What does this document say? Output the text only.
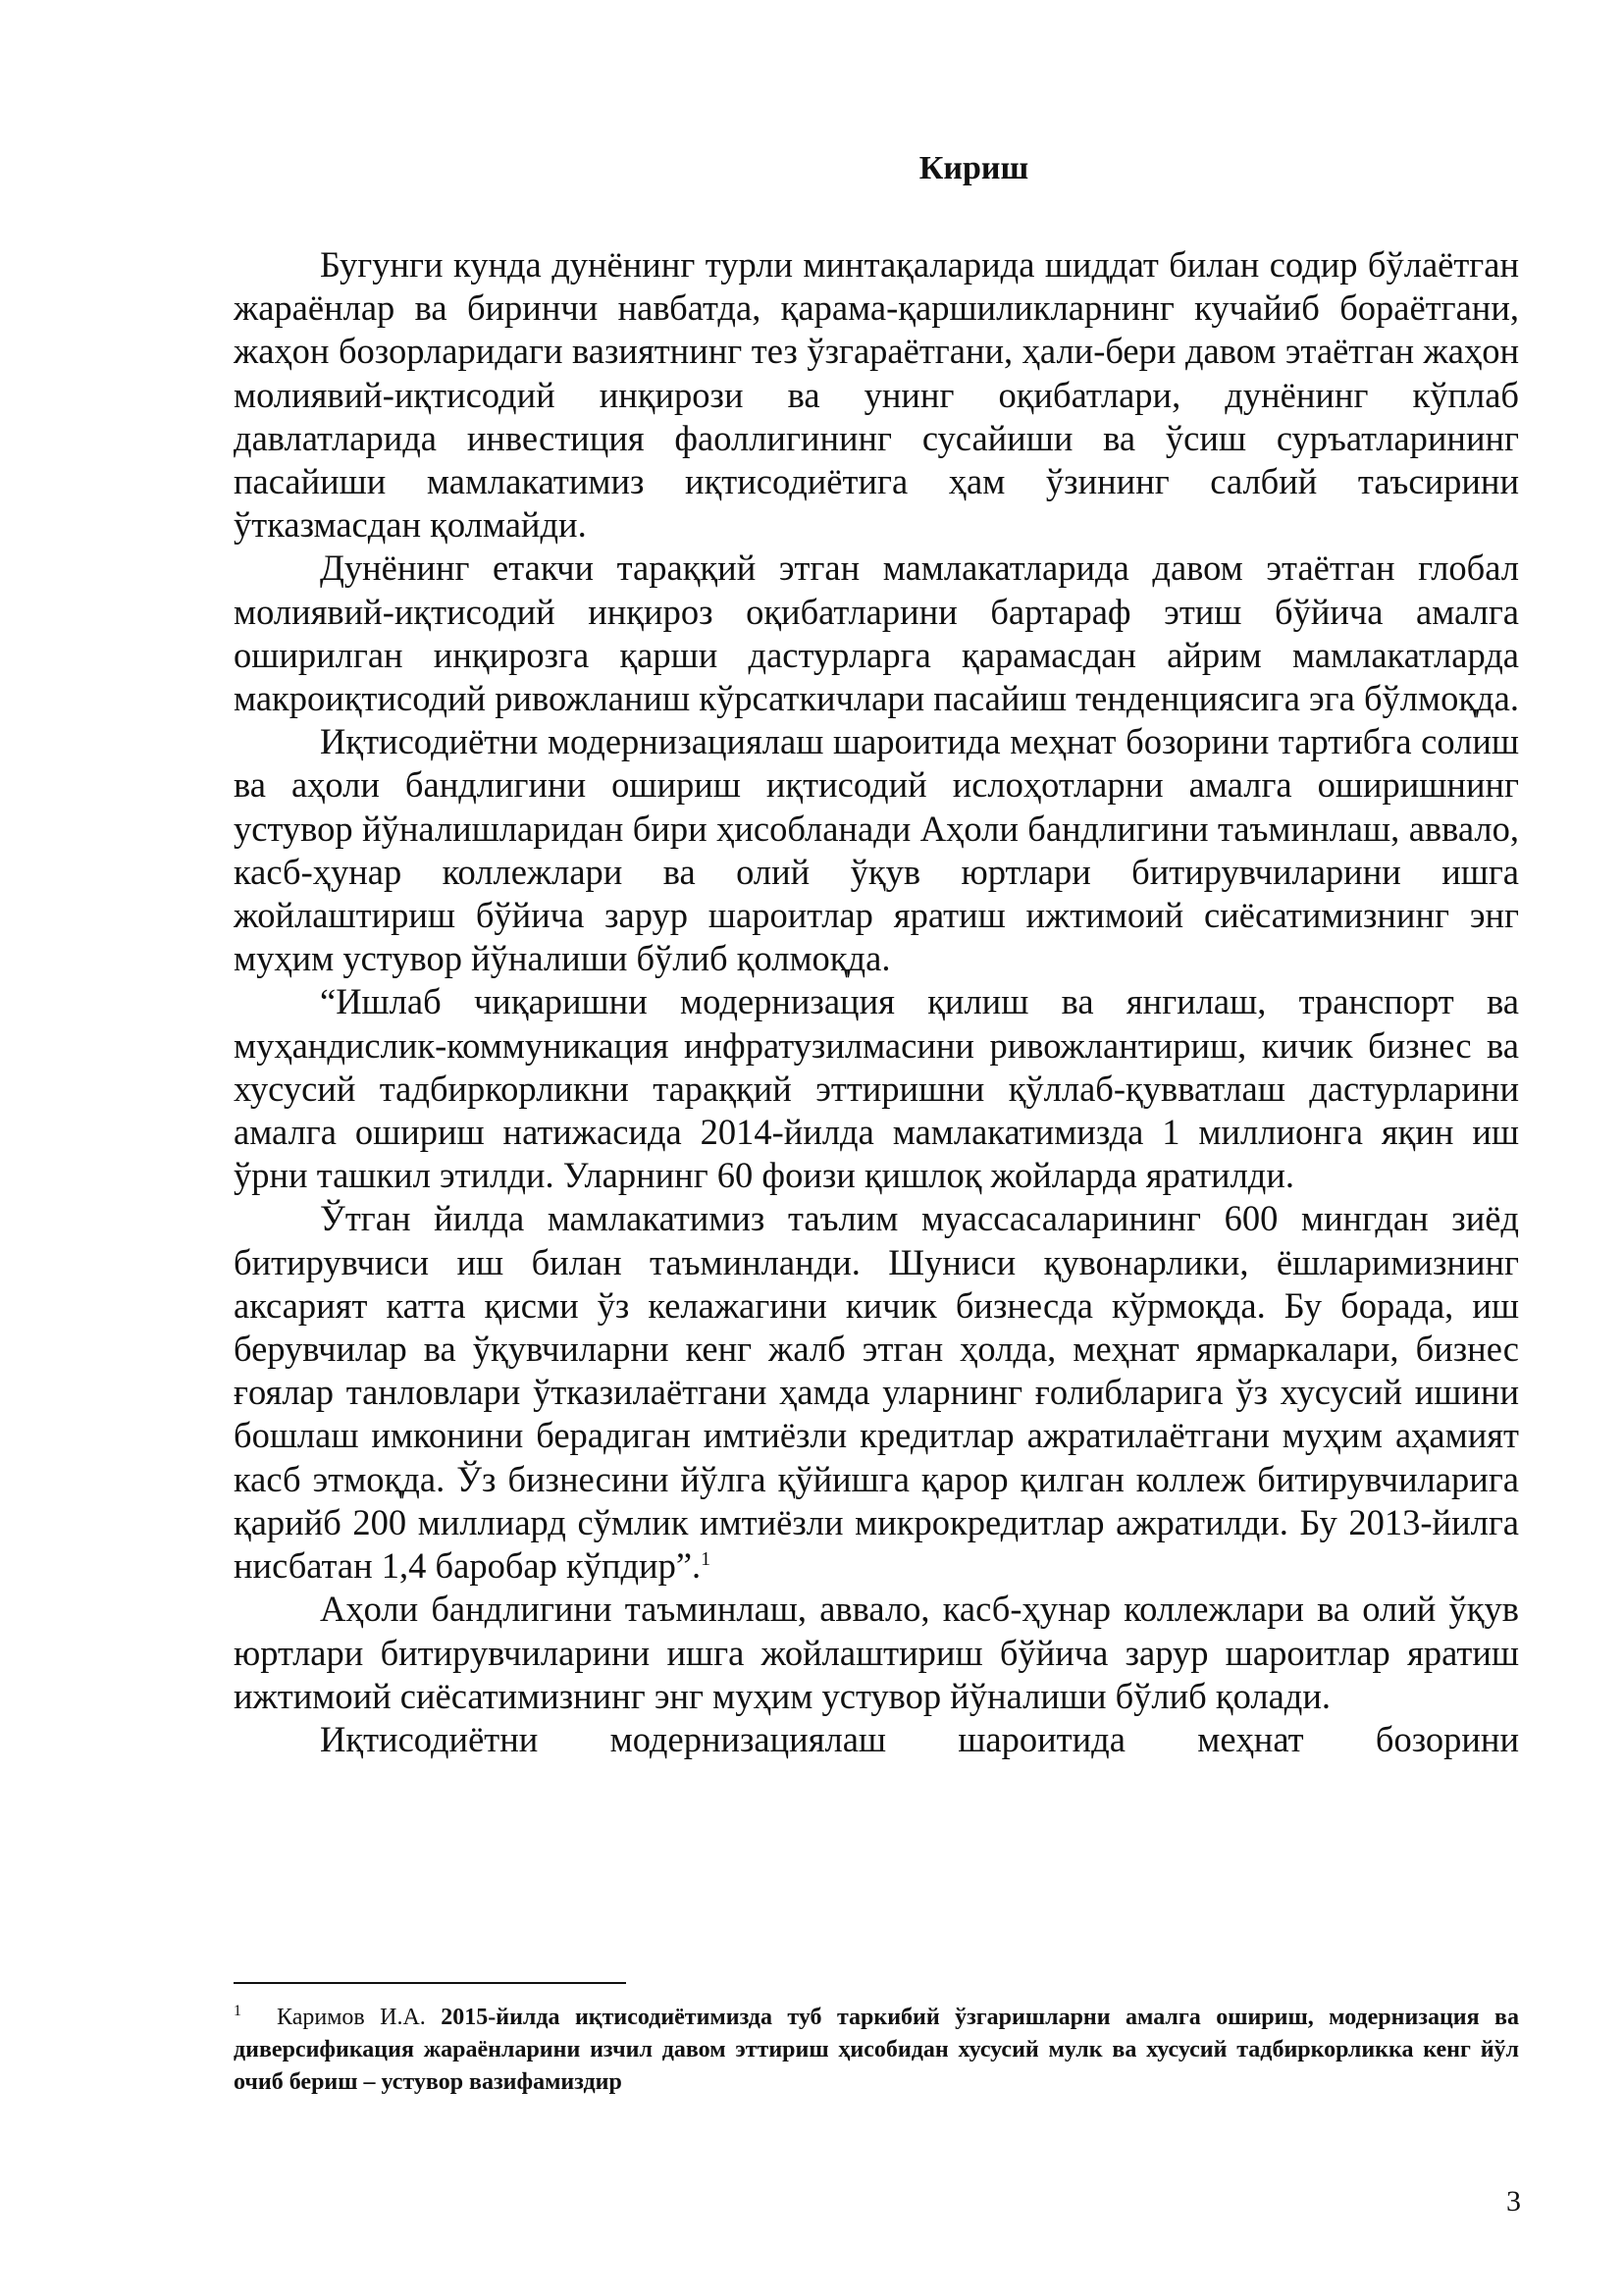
Кириш

Бугунги кунда дунёнинг турли минтақаларида шиддат билан содир бўлаётган жараёнлар ва биринчи навбатда, қарама-қаршиликларнинг кучайиб бораётгани, жаҳон бозорларидаги вазиятнинг тез ўзгараётгани, ҳали-бери давом этаётган жаҳон молиявий-иқтисодий инқирози ва унинг оқибатлари, дунёнинг кўплаб давлатларида инвестиция фаоллигининг сусайиши ва ўсиш суръатларининг пасайиши мамлакатимиз иқтисодиётига ҳам ўзининг салбий таъсирини ўтказмасдан қолмайди.

Дунёнинг етакчи тараққий этган мамлакатларида давом этаётган глобал молиявий-иқтисодий инқироз оқибатларини бартараф этиш бўйича амалга оширилган инқирозга қарши дастурларга қарамасдан айрим мамлакатларда макроиқтисодий ривожланиш кўрсаткичлари пасайиш тенденциясига эга бўлмоқда.

Иқтисодиётни модернизациялаш шароитида меҳнат бозорини тартибга солиш ва аҳоли бандлигини ошириш иқтисодий ислоҳотларни амалга оширишнинг устувор йўналишларидан бири ҳисобланади Аҳоли бандлигини таъминлаш, аввало, касб-ҳунар коллежлари ва олий ўқув юртлари битирувчиларини ишга жойлаштириш бўйича зарур шароитлар яратиш ижтимоий сиёсатимизнинг энг муҳим устувор йўналиши бўлиб қолмоқда.

“Ишлаб чиқаришни модернизация қилиш ва янгилаш, транспорт ва муҳандислик-коммуникация инфратузилмасини ривожлантириш, кичик бизнес ва хусусий тадбиркорликни тараққий эттиришни қўллаб-қувватлаш дастурларини амалга ошириш натижасида 2014-йилда мамлакатимизда 1 миллионга яқин иш ўрни ташкил этилди. Уларнинг 60 фоизи қишлоқ жойларда яратилди.

Ўтган йилда мамлакатимиз таълим муассасаларининг 600 мингдан зиёд битирувчиси иш билан таъминланди. Шуниси қувонарлики, ёшларимизнинг аксарият катта қисми ўз келажагини кичик бизнесда кўрмоқда. Бу борада, иш берувчилар ва ўқувчиларни кенг жалб этган ҳолда, меҳнат ярмаркалари, бизнес ғоялар танловлари ўтказилаётгани ҳамда уларнинг ғолибларига ўз хусусий ишини бошлаш имконини берадиган имтиёзли кредитлар ажратилаётгани муҳим аҳамият касб этмоқда. Ўз бизнесини йўлга қўйишга қарор қилган коллеж битирувчиларига қарийб 200 миллиард сўмлик имтиёзли микрокредитлар ажратилди. Бу 2013-йилга нисбатан 1,4 баробар кўпдир”.$^1$

Аҳоли бандлигини таъминлаш, аввало, касб-ҳунар коллежлари ва олий ўқув юртлари битирувчиларини ишга жойлаштириш бўйича зарур шароитлар яратиш ижтимоий сиёсатимизнинг энг муҳим устувор йўналиши бўлиб қолади.

Иқтисодиётни модернизациялаш шароитида меҳнат бозорини

$^1$ Каримов И.А. 2015-йилда иқтисодиётимизда туб таркибий ўзгаришларни амалга ошириш, модернизация ва диверсификация жараёнларини изчил давом эттириш ҳисобидан хусусий мулк ва хусусий тадбиркорликка кенг йўл очиб бериш – устувор вазифамиздир
3
